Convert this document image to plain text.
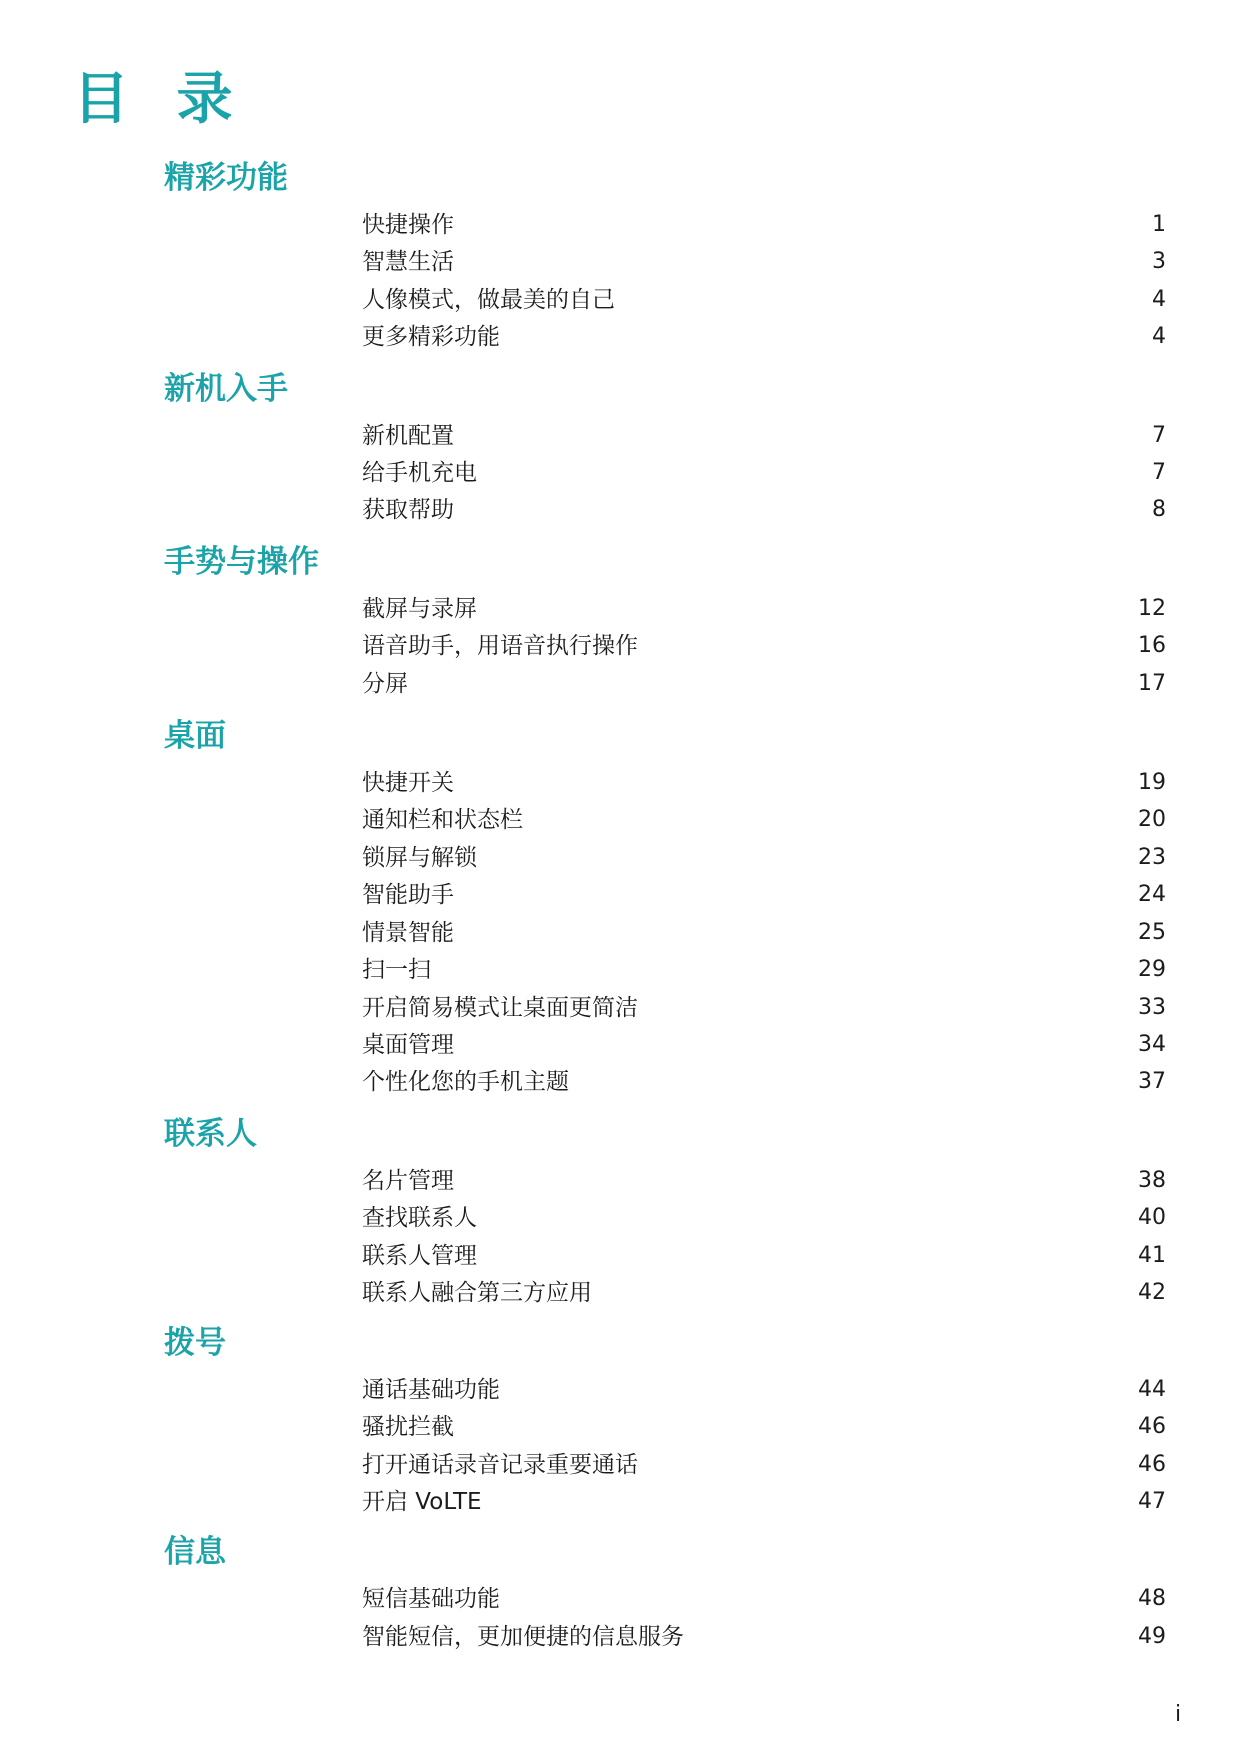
目 录
精彩功能
快捷操作	1
智慧生活	3
人像模式，做最美的自己	4
更多精彩功能	4
新机入手
新机配置	7
给手机充电	7
获取帮助	8
手势与操作
截屏与录屏	12
语音助手，用语音执行操作	16
分屏	17
桌面
快捷开关	19
通知栏和状态栏	20
锁屏与解锁	23
智能助手	24
情景智能	25
扫一扫	29
开启简易模式让桌面更简洁	33
桌面管理	34
个性化您的手机主题	37
联系人
名片管理	38
查找联系人	40
联系人管理	41
联系人融合第三方应用	42
拨号
通话基础功能	44
骚扰拦截	46
打开通话录音记录重要通话	46
开启 VoLTE	47
信息
短信基础功能	48
智能短信，更加便捷的信息服务	49

i
